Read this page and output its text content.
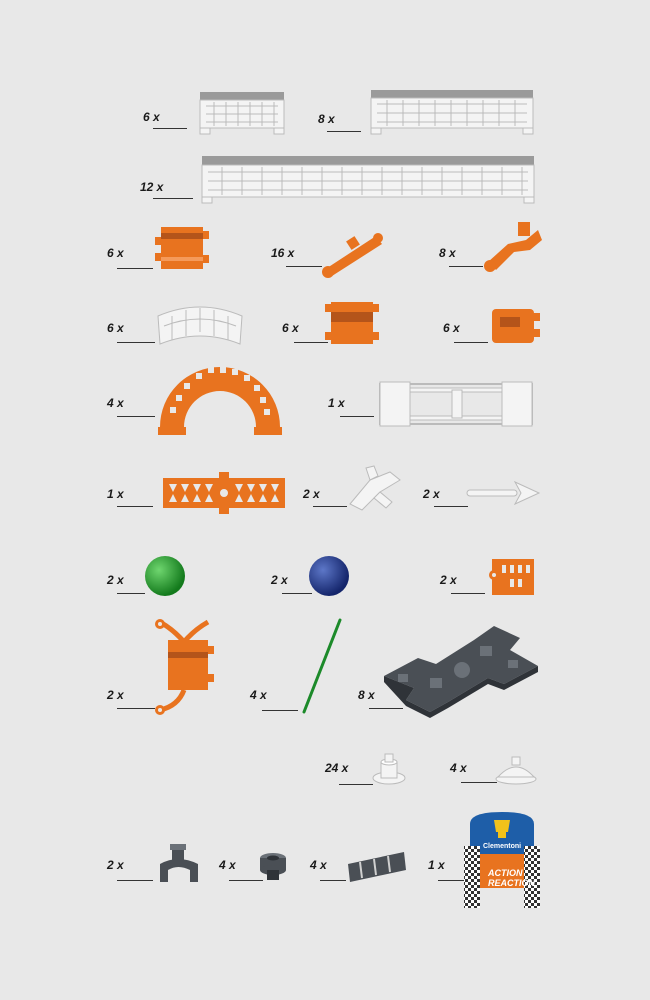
6 x	8 x
12 x
6 x	16 x	8 x
6 x	6 x	6 x
4 x	1 x
1 x	2 x	2 x
2 x	2 x	2 x
2 x	4 x	8 x
24 x	4 x
2 x	4 x	4 x	1 x
Clementoni
ACTION
REACTION
